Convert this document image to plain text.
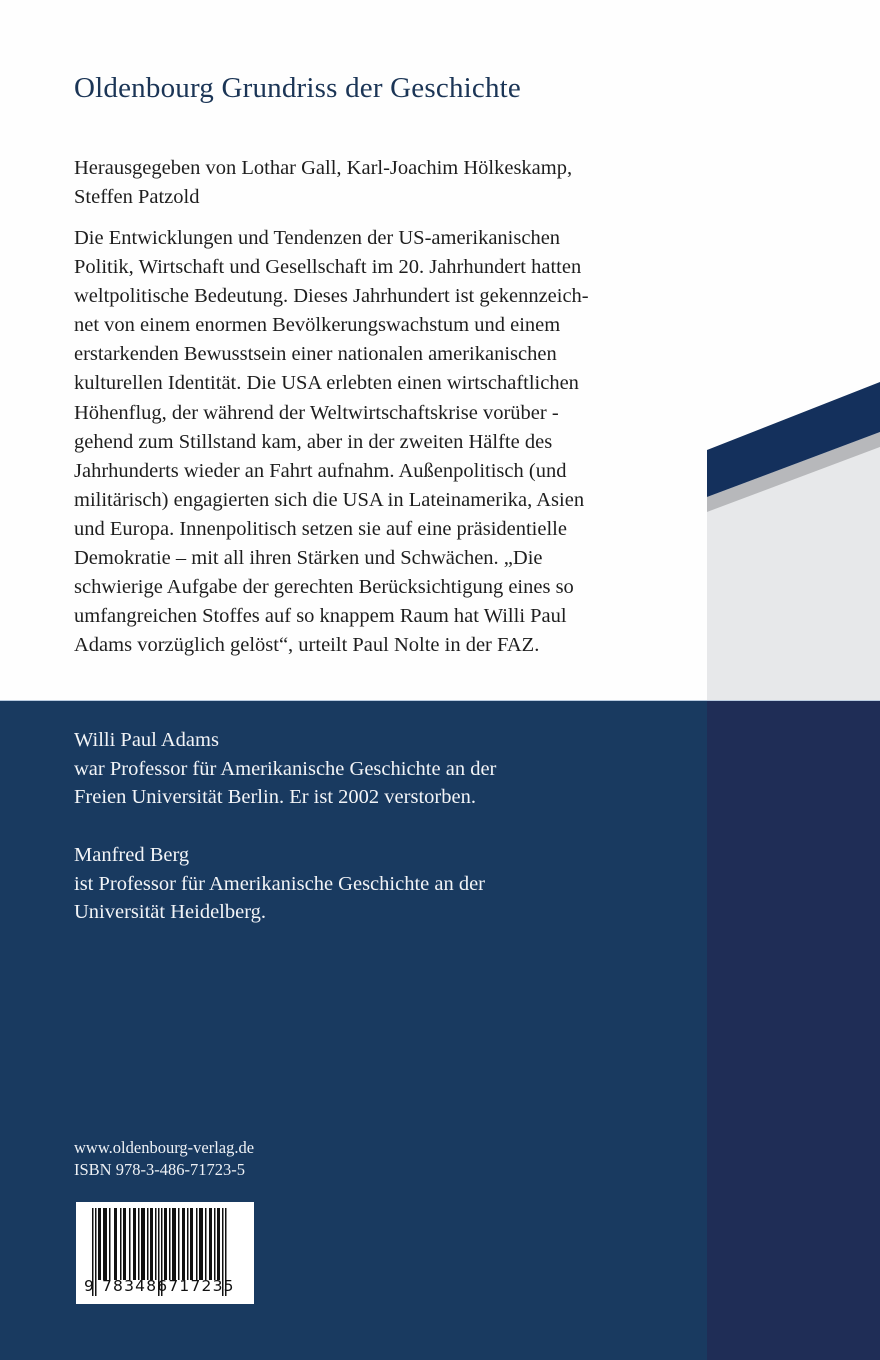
Oldenbourg Grundriss der Geschichte

Herausgegeben von Lothar Gall, Karl-Joachim Hölkeskamp,
Steffen Patzold

Die Entwicklungen und Tendenzen der US-amerikanischen
Politik, Wirtschaft und Gesellschaft im 20. Jahrhundert hatten
weltpolitische Bedeutung. Dieses Jahrhundert ist gekennzeich-
net von einem enormen Bevölkerungswachstum und einem
erstarkenden Bewusstsein einer nationalen amerikanischen
kulturellen Identität. Die USA erlebten einen wirtschaftlichen
Höhenflug, der während der Weltwirtschaftskrise vorüber -
gehend zum Stillstand kam, aber in der zweiten Hälfte des
Jahrhunderts wieder an Fahrt aufnahm. Außenpolitisch (und
militärisch) engagierten sich die USA in Lateinamerika, Asien
und Europa. Innenpolitisch setzen sie auf eine präsidentielle
Demokratie – mit all ihren Stärken und Schwächen. „Die
schwierige Aufgabe der gerechten Berücksichtigung eines so
umfangreichen Stoffes auf so knappem Raum hat Willi Paul
Adams vorzüglich gelöst“, urteilt Paul Nolte in der FAZ.

Willi Paul Adams
war Professor für Amerikanische Geschichte an der
Freien Universität Berlin. Er ist 2002 verstorben.

Manfred Berg
ist Professor für Amerikanische Geschichte an der
Universität Heidelberg.

www.oldenbourg-verlag.de
ISBN 978-3-486-71723-5

9 783486717235
